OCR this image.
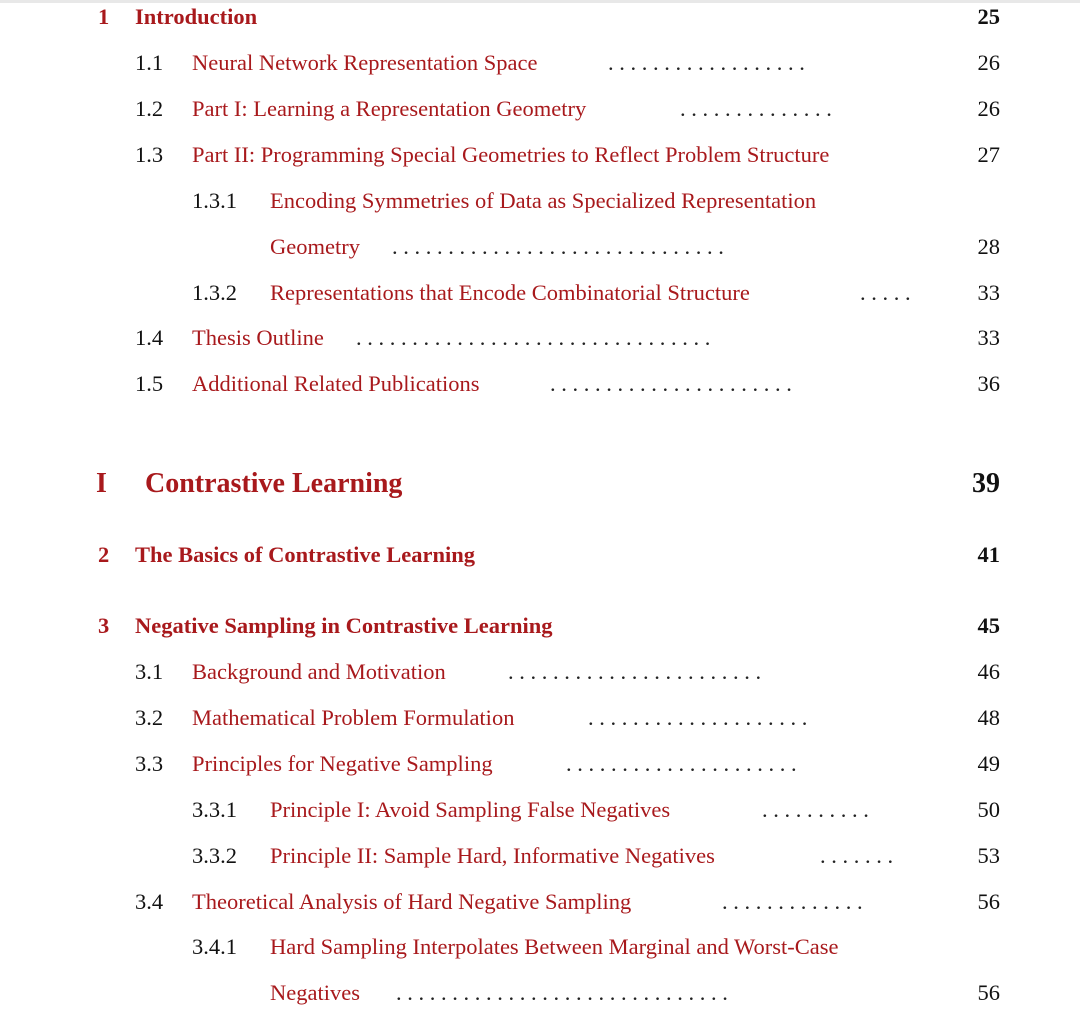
1 Introduction	25
1.1 Neural Network Representation Space	. . . . . . . . . . . . . . . . . .	26
1.2 Part I: Learning a Representation Geometry	. . . . . . . . . . . . . .	26
1.3 Part II: Programming Special Geometries to Reflect Problem Structure	27
1.3.1 Encoding Symmetries of Data as Specialized Representation
Geometry . . . . . . . . . . . . . . . . . . . . . . . . . . . . . .	28
1.3.2 Representations that Encode Combinatorial Structure	. . . . .	33
1.4 Thesis Outline . . . . . . . . . . . . . . . . . . . . . . . . . . . . . . . .	33
1.5 Additional Related Publications	. . . . . . . . . . . . . . . . . . . . . .	36
I Contrastive Learning	39
2 The Basics of Contrastive Learning	41
3 Negative Sampling in Contrastive Learning	45
3.1 Background and Motivation	. . . . . . . . . . . . . . . . . . . . . . .	46
3.2 Mathematical Problem Formulation	. . . . . . . . . . . . . . . . . . . .	48
3.3 Principles for Negative Sampling	. . . . . . . . . . . . . . . . . . . . .	49
3.3.1 Principle I: Avoid Sampling False Negatives	. . . . . . . . . .	50
3.3.2 Principle II: Sample Hard, Informative Negatives	. . . . . . .	53
3.4 Theoretical Analysis of Hard Negative Sampling	. . . . . . . . . . . . .	56
3.4.1 Hard Sampling Interpolates Between Marginal and Worst-Case
Negatives . . . . . . . . . . . . . . . . . . . . . . . . . . . . . .	56
